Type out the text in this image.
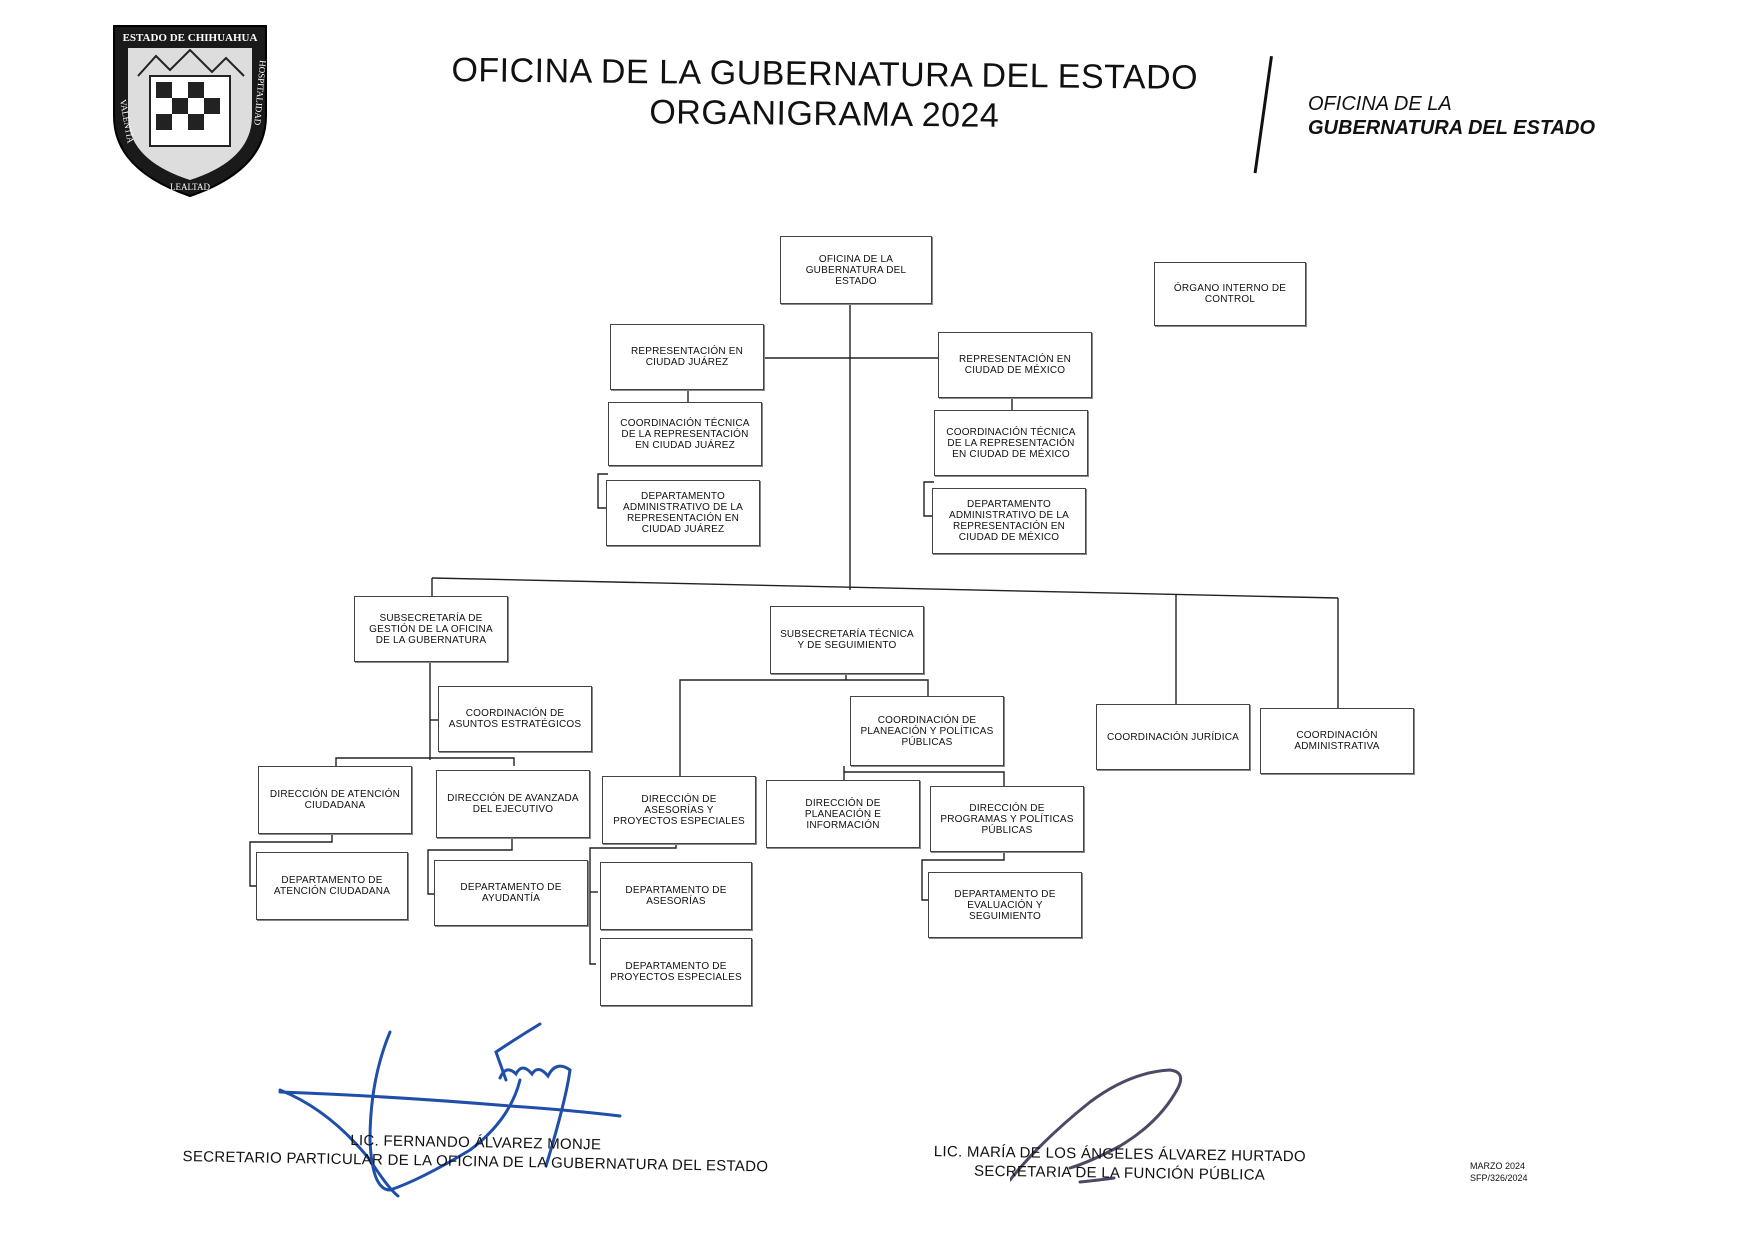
ESTADO DE CHIHUAHUA
VALENTÍA
LEALTAD
HOSPITALIDAD	OFICINA DE LA GUBERNATURA DEL ESTADO
ORGANIGRAMA 2024	OFICINA DE LA
GUBERNATURA DEL ESTADO
OFICINA DE LA GUBERNATURA DEL ESTADO
ÓRGANO INTERNO DE CONTROL
REPRESENTACIÓN EN CIUDAD JUÁREZ	REPRESENTACIÓN EN CIUDAD DE MÉXICO
COORDINACIÓN TÉCNICA DE LA REPRESENTACIÓN EN CIUDAD JUÁREZ
COORDINACIÓN TÉCNICA DE LA REPRESENTACIÓN EN CIUDAD DE MÉXICO
DEPARTAMENTO ADMINISTRATIVO DE LA REPRESENTACIÓN EN CIUDAD JUÁREZ
DEPARTAMENTO ADMINISTRATIVO DE LA REPRESENTACIÓN EN CIUDAD DE MÉXICO
SUBSECRETARÍA DE GESTIÓN DE LA OFICINA DE LA GUBERNATURA	SUBSECRETARÍA TÉCNICA Y DE SEGUIMIENTO
COORDINACIÓN JURÍDICA	COORDINACIÓN ADMINISTRATIVA
COORDINACIÓN DE ASUNTOS ESTRATÉGICOS
DIRECCIÓN DE ATENCIÓN CIUDADANA
DIRECCIÓN DE AVANZADA DEL EJECUTIVO
DEPARTAMENTO DE ATENCIÓN CIUDADANA	DEPARTAMENTO DE AYUDANTÍA
COORDINACIÓN DE PLANEACIÓN Y POLÍTICAS PÚBLICAS
DIRECCIÓN DE ASESORÍAS Y PROYECTOS ESPECIALES
DIRECCIÓN DE PLANEACIÓN E INFORMACIÓN
DIRECCIÓN DE PROGRAMAS Y POLÍTICAS PÚBLICAS
DEPARTAMENTO DE ASESORÍAS
DEPARTAMENTO DE PROYECTOS ESPECIALES
DEPARTAMENTO DE EVALUACIÓN Y SEGUIMIENTO
LIC. FERNANDO ÁLVAREZ MONJE
SECRETARIO PARTICULAR DE LA OFICINA DE LA GUBERNATURA DEL ESTADO	LIC. MARÍA DE LOS ÁNGELES ÁLVAREZ HURTADO
SECRETARIA DE LA FUNCIÓN PÚBLICA	MARZO 2024
SFP/326/2024
